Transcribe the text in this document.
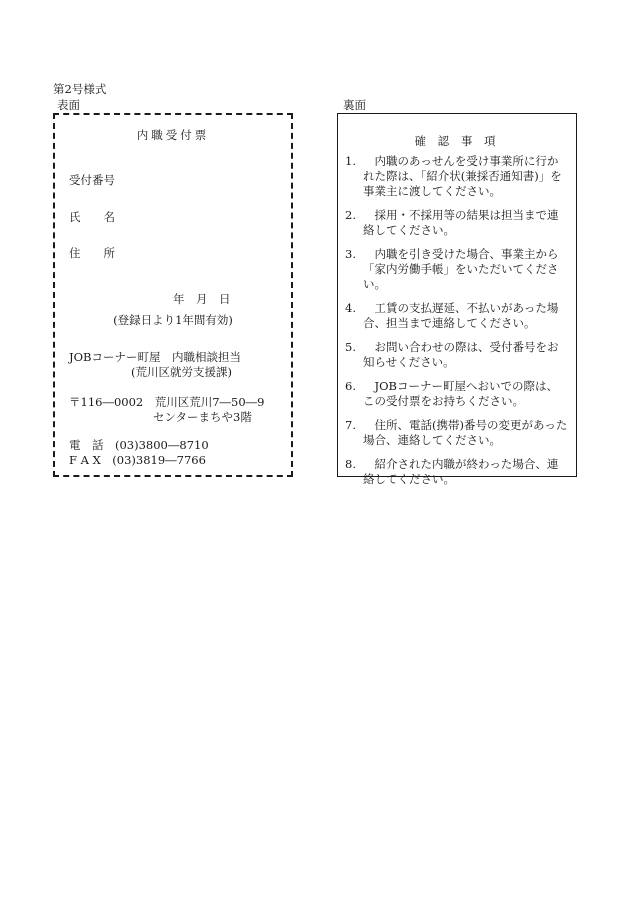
第2号様式
表面	裏面
内職受付票
受付番号
氏　　名
住　　所
年　月　日
(登録日より1年間有効)
JOBコーナー町屋　内職相談担当
(荒川区就労支援課)
〒116―0002　荒川区荒川7―50―9
センターまちや3階
電　話　(03)3800―8710
F A X　(03)3819―7766
確 認 事 項
1.	内職のあっせんを受け事業所に行かれた際は、「紹介状(兼採否通知書)」を事業主に渡してください。
2.	採用・不採用等の結果は担当まで連絡してください。
3.	内職を引き受けた場合、事業主から「家内労働手帳」をいただいてください。
4.	工賃の支払遅延、不払いがあった場合、担当まで連絡してください。
5.	お問い合わせの際は、受付番号をお知らせください。
6.	JOBコーナー町屋へおいでの際は、この受付票をお持ちください。
7.	住所、電話(携帯)番号の変更があった場合、連絡してください。
8.	紹介された内職が終わった場合、連絡してください。
